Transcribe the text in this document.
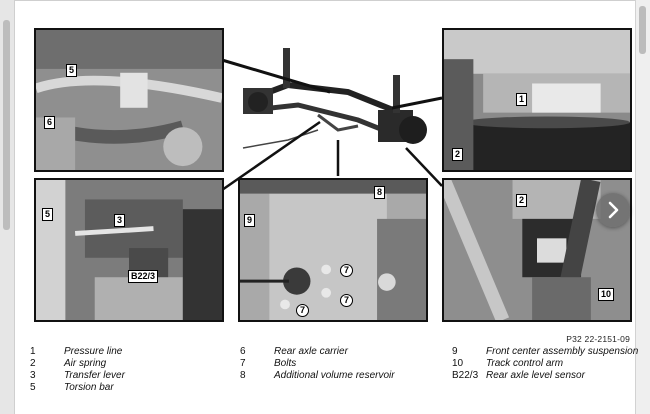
5
6
1
2
5
3
B22/3
8
9
7
7
7
2
10
P32 22-2151-09
1	Pressure line
2	Air spring
3	Transfer lever
5	Torsion bar
6	Rear axle carrier
7	Bolts
8	Additional volume reservoir
9	Front center assembly suspension
10 Track control arm
B22/3 Rear axle level sensor
